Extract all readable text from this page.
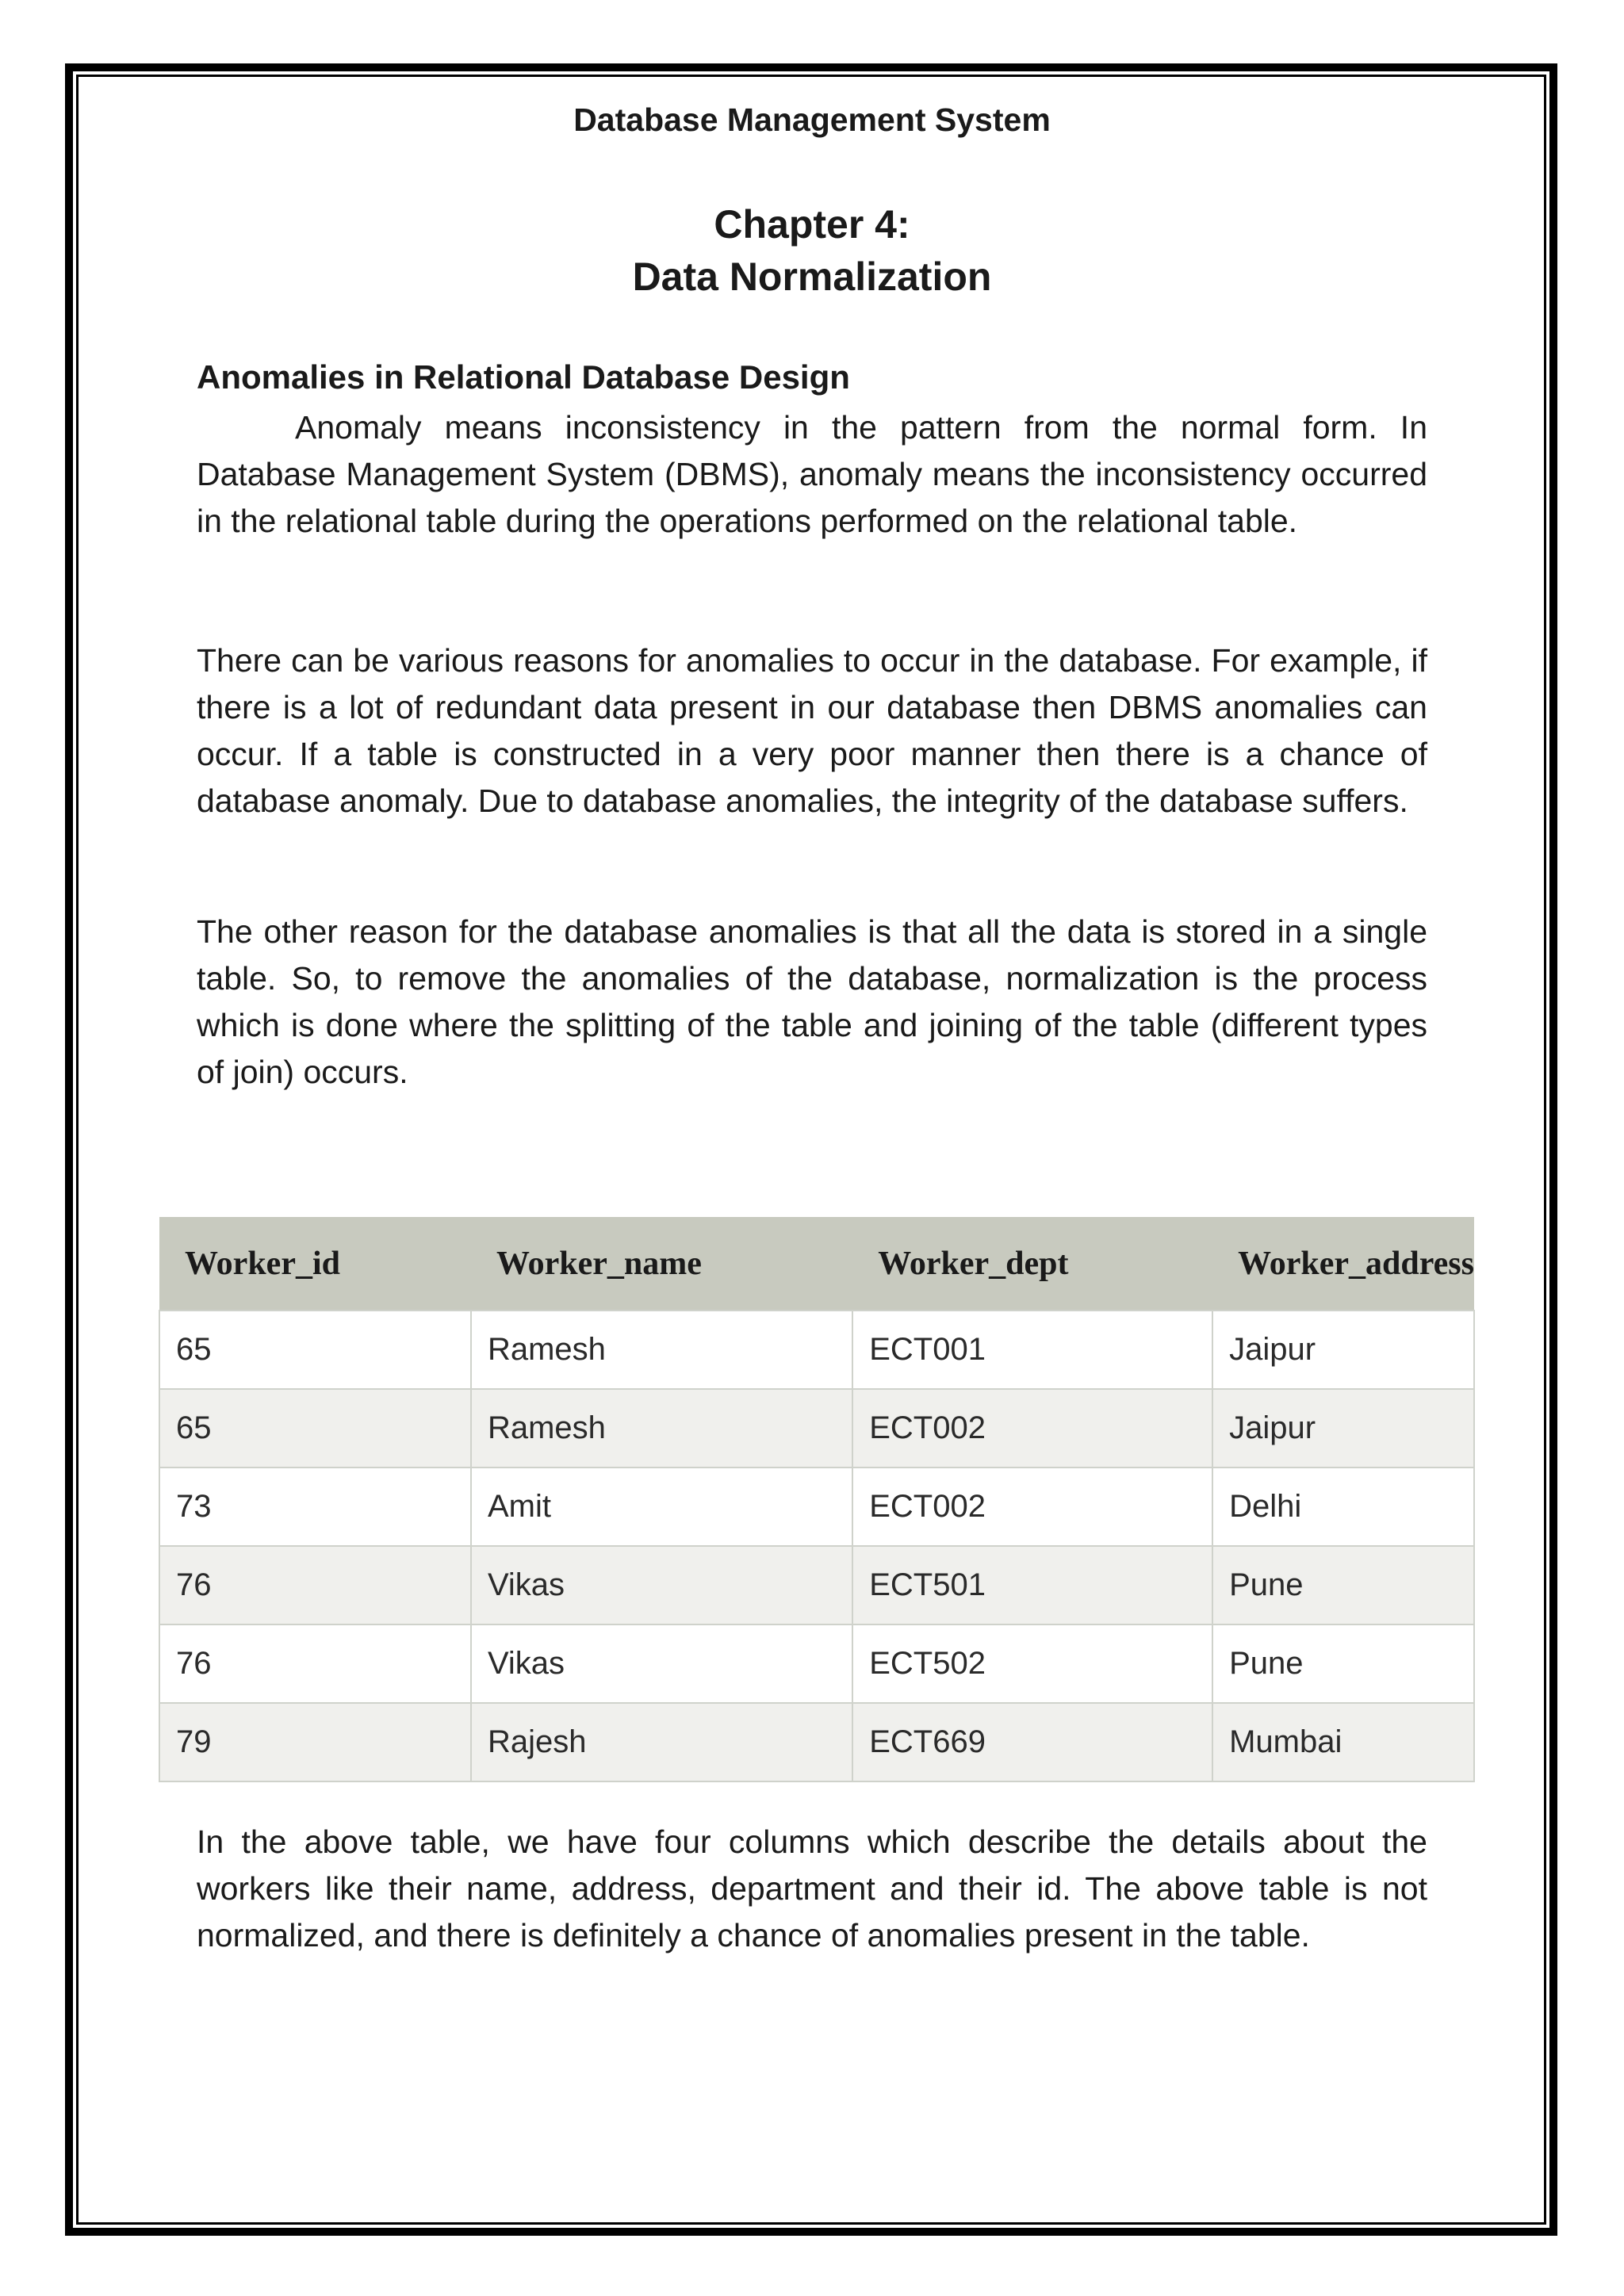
Database Management System
Chapter 4:
Data Normalization
Anomalies in Relational Database Design
Anomaly means inconsistency in the pattern from the normal form. In Database Management System (DBMS), anomaly means the inconsistency occurred in the relational table during the operations performed on the relational table.
There can be various reasons for anomalies to occur in the database. For example, if there is a lot of redundant data present in our database then DBMS anomalies can occur. If a table is constructed in a very poor manner then there is a chance of database anomaly. Due to database anomalies, the integrity of the database suffers.
The other reason for the database anomalies is that all the data is stored in a single table. So, to remove the anomalies of the database, normalization is the process which is done where the splitting of the table and joining of the table (different types of join) occurs.
Worker_id	Worker_name	Worker_dept	Worker_address
65	Ramesh	ECT001	Jaipur
65	Ramesh	ECT002	Jaipur
73	Amit	ECT002	Delhi
76	Vikas	ECT501	Pune
76	Vikas	ECT502	Pune
79	Rajesh	ECT669	Mumbai
In the above table, we have four columns which describe the details about the workers like their name, address, department and their id. The above table is not normalized, and there is definitely a chance of anomalies present in the table.
